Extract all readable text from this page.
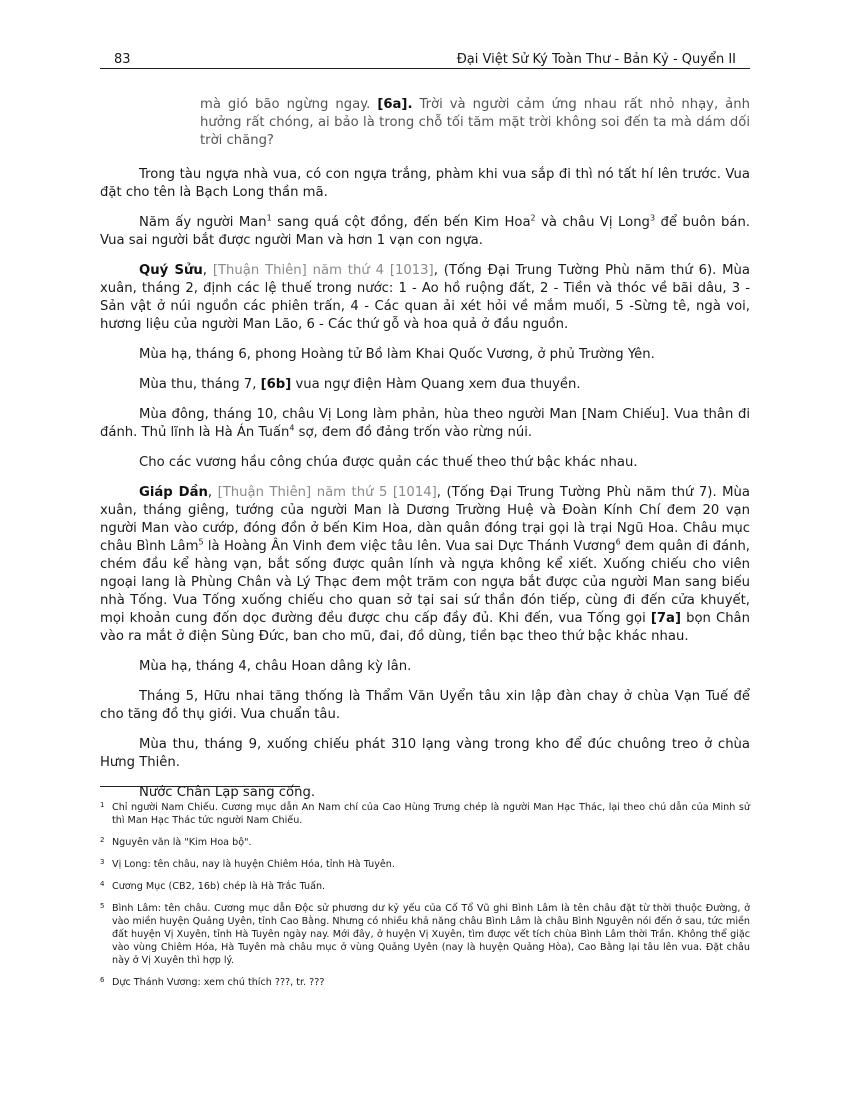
83	Đại Việt Sử Ký Toàn Thư - Bản Kỷ - Quyển II

mà gió bão ngừng ngay. [6a]. Trời và người cảm ứng nhau rất nhỏ nhạy, ảnh hưởng rất chóng, ai bảo là trong chỗ tối tăm mặt trời không soi đến ta mà dám dối trời chăng?

Trong tàu ngựa nhà vua, có con ngựa trắng, phàm khi vua sắp đi thì nó tất hí lên trước. Vua đặt cho tên là Bạch Long thần mã.

Năm ấy người Man$^1$ sang quá cột đồng, đến bến Kim Hoa$^2$ và châu Vị Long$^3$ để buôn bán. Vua sai người bắt được người Man và hơn 1 vạn con ngựa.

Quý Sửu, [Thuận Thiên] năm thứ 4 [1013], (Tống Đại Trung Tường Phù năm thứ 6). Mùa xuân, tháng 2, định các lệ thuế trong nước: 1 - Ao hồ ruộng đất, 2 - Tiền và thóc về bãi dâu, 3 - Sản vật ở núi nguồn các phiên trấn, 4 - Các quan ải xét hỏi về mắm muối, 5 -Sừng tê, ngà voi, hương liệu của người Man Lão, 6 - Các thứ gỗ và hoa quả ở đầu nguồn.

Mùa hạ, tháng 6, phong Hoàng tử Bồ làm Khai Quốc Vương, ở phủ Trường Yên.

Mùa thu, tháng 7, [6b] vua ngự điện Hàm Quang xem đua thuyền.

Mùa đông, tháng 10, châu Vị Long làm phản, hùa theo người Man [Nam Chiếu]. Vua thân đi đánh. Thủ lĩnh là Hà Án Tuấn$^4$ sợ, đem đồ đảng trốn vào rừng núi.

Cho các vương hầu công chúa được quản các thuế theo thứ bậc khác nhau.

Giáp Dần, [Thuận Thiên] năm thứ 5 [1014], (Tống Đại Trung Tường Phù năm thứ 7). Mùa xuân, tháng giêng, tướng của người Man là Dương Trường Huệ và Đoàn Kính Chí đem 20 vạn người Man vào cướp, đóng đồn ở bến Kim Hoa, dàn quân đóng trại gọi là trại Ngũ Hoa. Châu mục châu Bình Lâm$^5$ là Hoàng Ân Vinh đem việc tâu lên. Vua sai Dực Thánh Vương$^6$ đem quân đi đánh, chém đầu kể hàng vạn, bắt sống được quân lính và ngựa không kể xiết. Xuống chiếu cho viên ngoại lang là Phùng Chân và Lý Thạc đem một trăm con ngựa bắt được của người Man sang biếu nhà Tống. Vua Tống xuống chiếu cho quan sở tại sai sứ thần đón tiếp, cùng đi đến cửa khuyết, mọi khoản cung đốn dọc đường đều được chu cấp đầy đủ. Khi đến, vua Tống gọi [7a] bọn Chân vào ra mắt ở điện Sùng Đức, ban cho mũ, đai, đồ dùng, tiền bạc theo thứ bậc khác nhau.

Mùa hạ, tháng 4, châu Hoan dâng kỳ lân.

Tháng 5, Hữu nhai tăng thống là Thẩm Văn Uyển tâu xin lập đàn chay ở chùa Vạn Tuế để cho tăng đồ thụ giới. Vua chuẩn tâu.

Mùa thu, tháng 9, xuống chiếu phát 310 lạng vàng trong kho để đúc chuông treo ở chùa Hưng Thiên.

Nước Chân Lạp sang cống.

1 Chỉ người Nam Chiếu. Cương mục dẫn An Nam chí của Cao Hùng Trưng chép là người Man Hạc Thác, lại theo chú dẫn của Minh sử thì Man Hạc Thác tức người Nam Chiếu.
2 Nguyên văn là "Kim Hoa bộ".
3 Vị Long: tên châu, nay là huyện Chiêm Hóa, tỉnh Hà Tuyên.
4 Cương Mục (CB2, 16b) chép là Hà Trắc Tuấn.
5 Bình Lâm: tên châu. Cương mục dẫn Độc sử phương dư kỷ yếu của Cố Tổ Vũ ghi Bình Lâm là tên châu đặt từ thời thuộc Đường, ở vào miền huyện Quảng Uyên, tỉnh Cao Bằng. Nhưng có nhiều khả năng châu Bình Lâm là châu Bình Nguyên nói đến ở sau, tức miền đất huyện Vị Xuyên, tỉnh Hà Tuyên ngày nay. Mới đây, ở huyện Vị Xuyên, tìm được vết tích chùa Bình Lâm thời Trần. Không thể giặc vào vùng Chiêm Hóa, Hà Tuyên mà châu mục ở vùng Quảng Uyên (nay là huyện Quảng Hòa), Cao Bằng lại tâu lên vua. Đặt châu này ở Vị Xuyên thì hợp lý.
6 Dực Thánh Vương: xem chú thích ???, tr. ???
